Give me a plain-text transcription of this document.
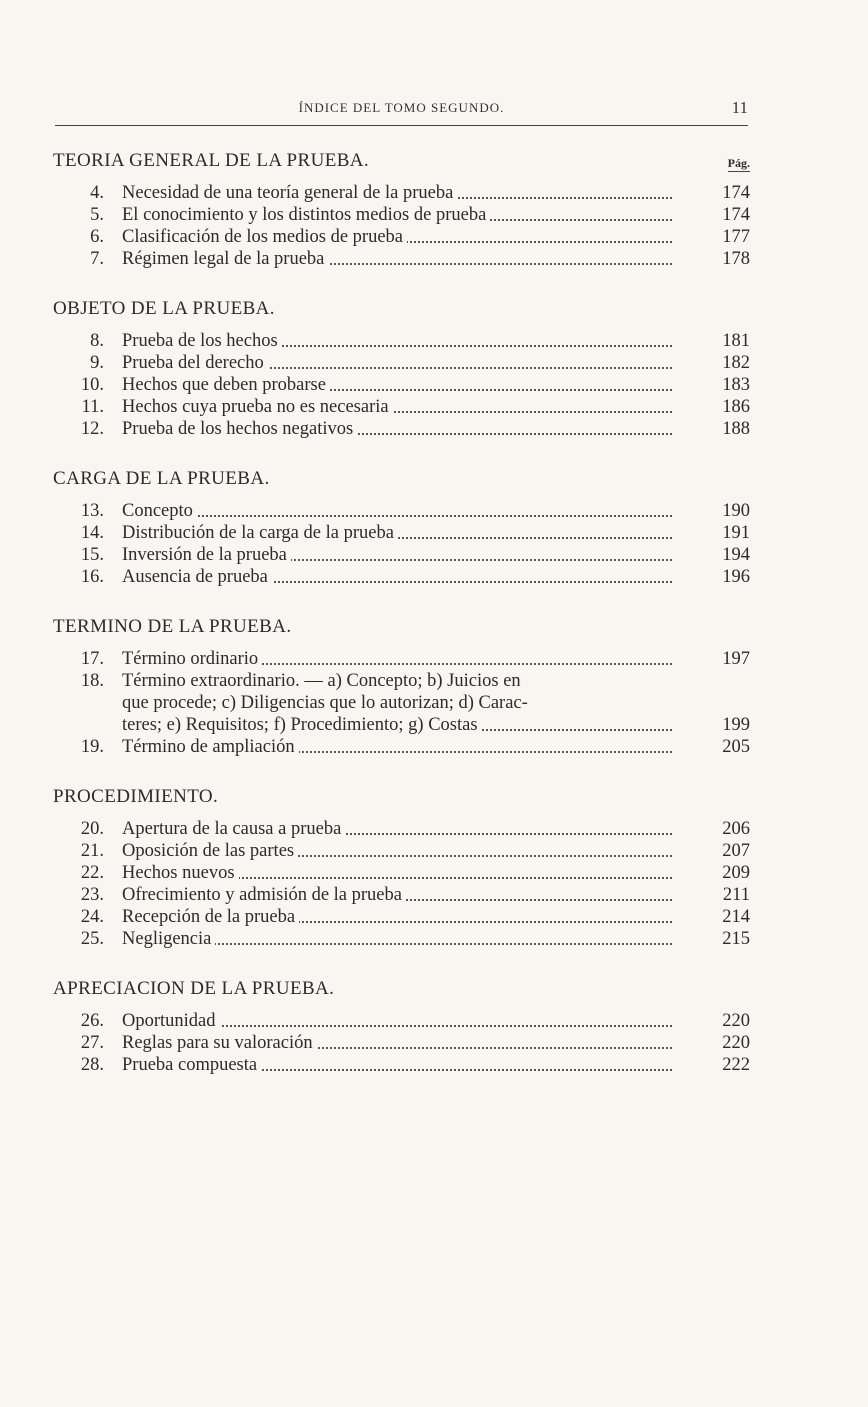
ÍNDICE DEL TOMO SEGUNDO.	11
TEORIA GENERAL DE LA PRUEBA.	Pág.
4. Necesidad de una teoría general de la prueba	174
5. El conocimiento y los distintos medios de prueba	174
6. Clasificación de los medios de prueba	177
7. Régimen legal de la prueba	178
OBJETO DE LA PRUEBA.
8. Prueba de los hechos	181
9. Prueba del derecho	182
10. Hechos que deben probarse	183
11. Hechos cuya prueba no es necesaria	186
12. Prueba de los hechos negativos	188
CARGA DE LA PRUEBA.
13. Concepto	190
14. Distribución de la carga de la prueba	191
15. Inversión de la prueba	194
16. Ausencia de prueba	196
TERMINO DE LA PRUEBA.
17. Término ordinario	197
18. Término extraordinario. — a) Concepto; b) Juicios en
que procede; c) Diligencias que lo autorizan; d) Carac-
teres; e) Requisitos; f) Procedimiento; g) Costas	199
19. Término de ampliación	205
PROCEDIMIENTO.
20. Apertura de la causa a prueba	206
21. Oposición de las partes	207
22. Hechos nuevos	209
23. Ofrecimiento y admisión de la prueba	211
24. Recepción de la prueba	214
25. Negligencia	215
APRECIACION DE LA PRUEBA.
26. Oportunidad	220
27. Reglas para su valoración	220
28. Prueba compuesta	222
